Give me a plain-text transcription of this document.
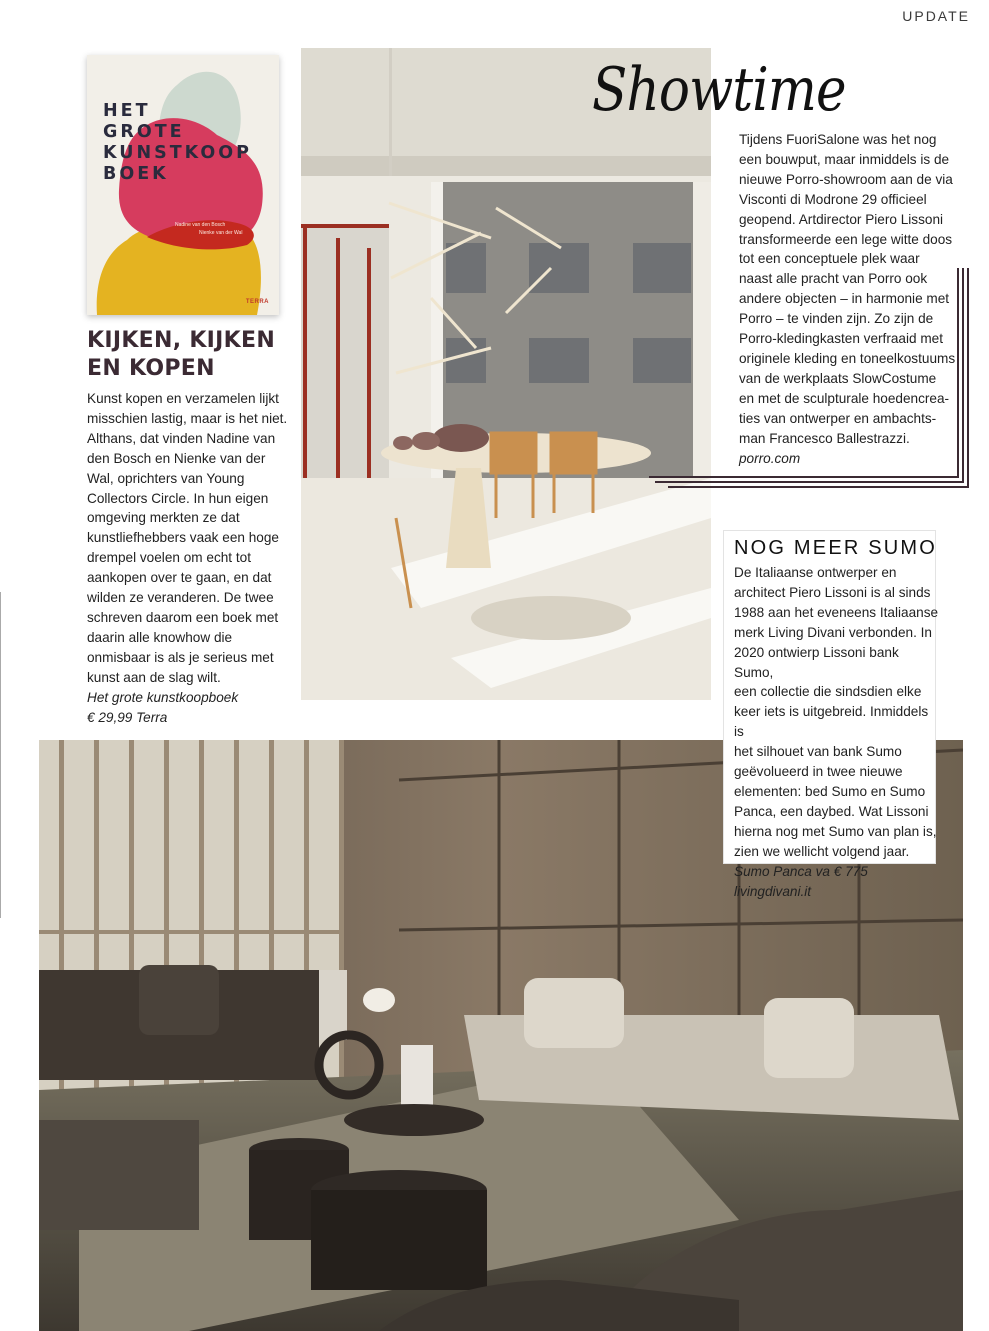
UPDATE
HET
GROTE
KUNSTKOOP
BOEK
Nadine van den Bosch
Nienke van der Wal
TERRA
KIJKEN, KIJKEN
EN KOPEN
Kunst kopen en verzamelen lijkt
misschien lastig, maar is het niet.
Althans, dat vinden Nadine van
den Bosch en Nienke van der
Wal, oprichters van Young
Collectors Circle. In hun eigen
omgeving merkten ze dat
kunstliefhebbers vaak een hoge
drempel voelen om echt tot
aankopen over te gaan, en dat
wilden ze veranderen. De twee
schreven daarom een boek met
daarin alle knowhow die
onmisbaar is als je serieus met
kunst aan de slag wilt.
Het grote kunstkoopboek
€ 29,99 Terra
Showtime
Tijdens FuoriSalone was het nog
een bouwput, maar inmiddels is de
nieuwe Porro-showroom aan de via
Visconti di Modrone 29 officieel
geopend. Artdirector Piero Lissoni
transformeerde een lege witte doos
tot een conceptuele plek waar
naast alle pracht van Porro ook
andere objecten – in harmonie met
Porro – te vinden zijn. Zo zijn de
Porro-kledingkasten verfraaid met
originele kleding en toneelkostuums
van de werkplaats SlowCostume
en met de sculpturale hoedencrea-
ties van ontwerper en ambachts-
man Francesco Ballestrazzi.
porro.com
NOG MEER SUMO
De Italiaanse ontwerper en
architect Piero Lissoni is al sinds
1988 aan het eveneens Italiaanse
merk Living Divani verbonden. In
2020 ontwierp Lissoni bank Sumo,
een collectie die sindsdien elke
keer iets is uitgebreid. Inmiddels is
het silhouet van bank Sumo
geëvolueerd in twee nieuwe
elementen: bed Sumo en Sumo
Panca, een daybed. Wat Lissoni
hierna nog met Sumo van plan is,
zien we wellicht volgend jaar.
Sumo Panca va € 775
livingdivani.it
